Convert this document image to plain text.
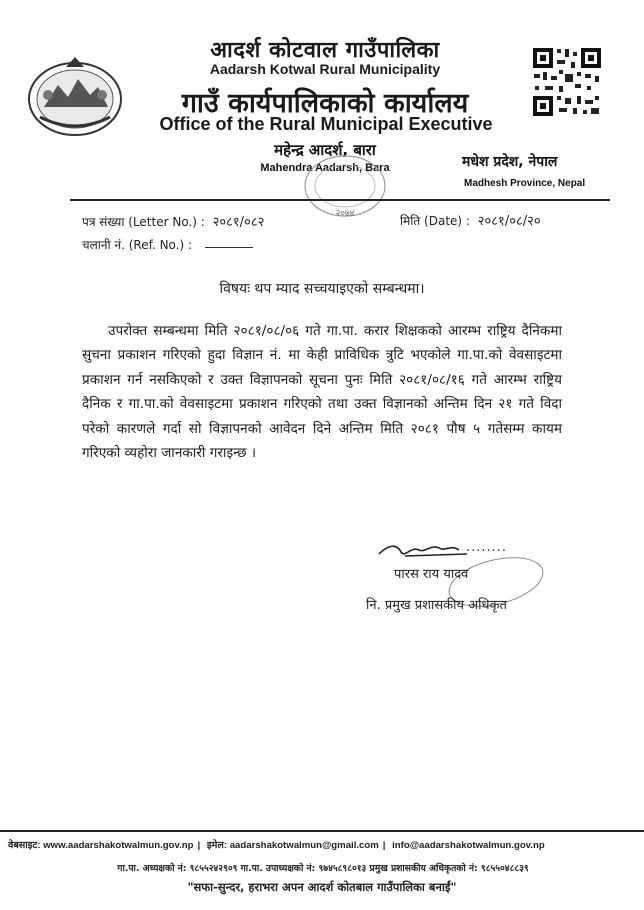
आदर्श कोटवाल गाउँपालिका
Aadarsh Kotwal Rural Municipality
गाउँ कार्यपालिकाको कार्यालय
Office of the Rural Municipal Executive
महेन्द्र आदर्श, बारा
Mahendra Aadarsh, Bara	मधेश प्रदेश, नेपाल
Madhesh Province, Nepal
२०७४
पत्र संख्या (Letter No.) : २०८१/०८२	मिति (Date) : २०८१/०८/२०
चलानी नं. (Ref. No.) :
विषयः थप म्याद सच्चयाइएको सम्बन्धमा।
उपरोक्त सम्बन्धमा मिति २०८१/०८/०६ गते गा.पा. करार शिक्षकको आरम्भ राष्ट्रिय दैनिकमा सुचना प्रकाशन गरिएको हुदा विज्ञान नं. मा केही प्राविधिक त्रुटि भएकोले गा.पा.को वेवसाइटमा प्रकाशन गर्न नसकिएको र उक्त विज्ञापनको सूचना पुनः मिति २०८१/०८/१६ गते आरम्भ राष्ट्रिय दैनिक र गा.पा.को वेवसाइटमा प्रकाशन गरिएको तथा उक्त विज्ञानको अन्तिम दिन २१ गते विदा परेको कारणले गर्दा सो विज्ञापनको आवेदन दिने अन्तिम मिति २०८१ पौष ५ गतेसम्म कायम गरिएको व्यहोरा जानकारी गराइन्छ ।
........
पारस राय यादव
नि. प्रमुख प्रशासकीय अधिकृत
वेबसाइट: www.aadarshakotwalmun.gov.np | इमेल: aadarshakotwalmun@gmail.com | info@aadarshakotwalmun.gov.np
गा.पा. अध्यक्षको नं: ९८५५२४२९०९ गा.पा. उपाध्यक्षको नं: ९७४५८९८०१३ प्रमुख प्रशासकीय अधिकृतको नं: ९८५५०४८८३९
"सफा-सुन्दर, हराभरा अपन आदर्श कोतबाल गाउँपालिका बनाईं"
